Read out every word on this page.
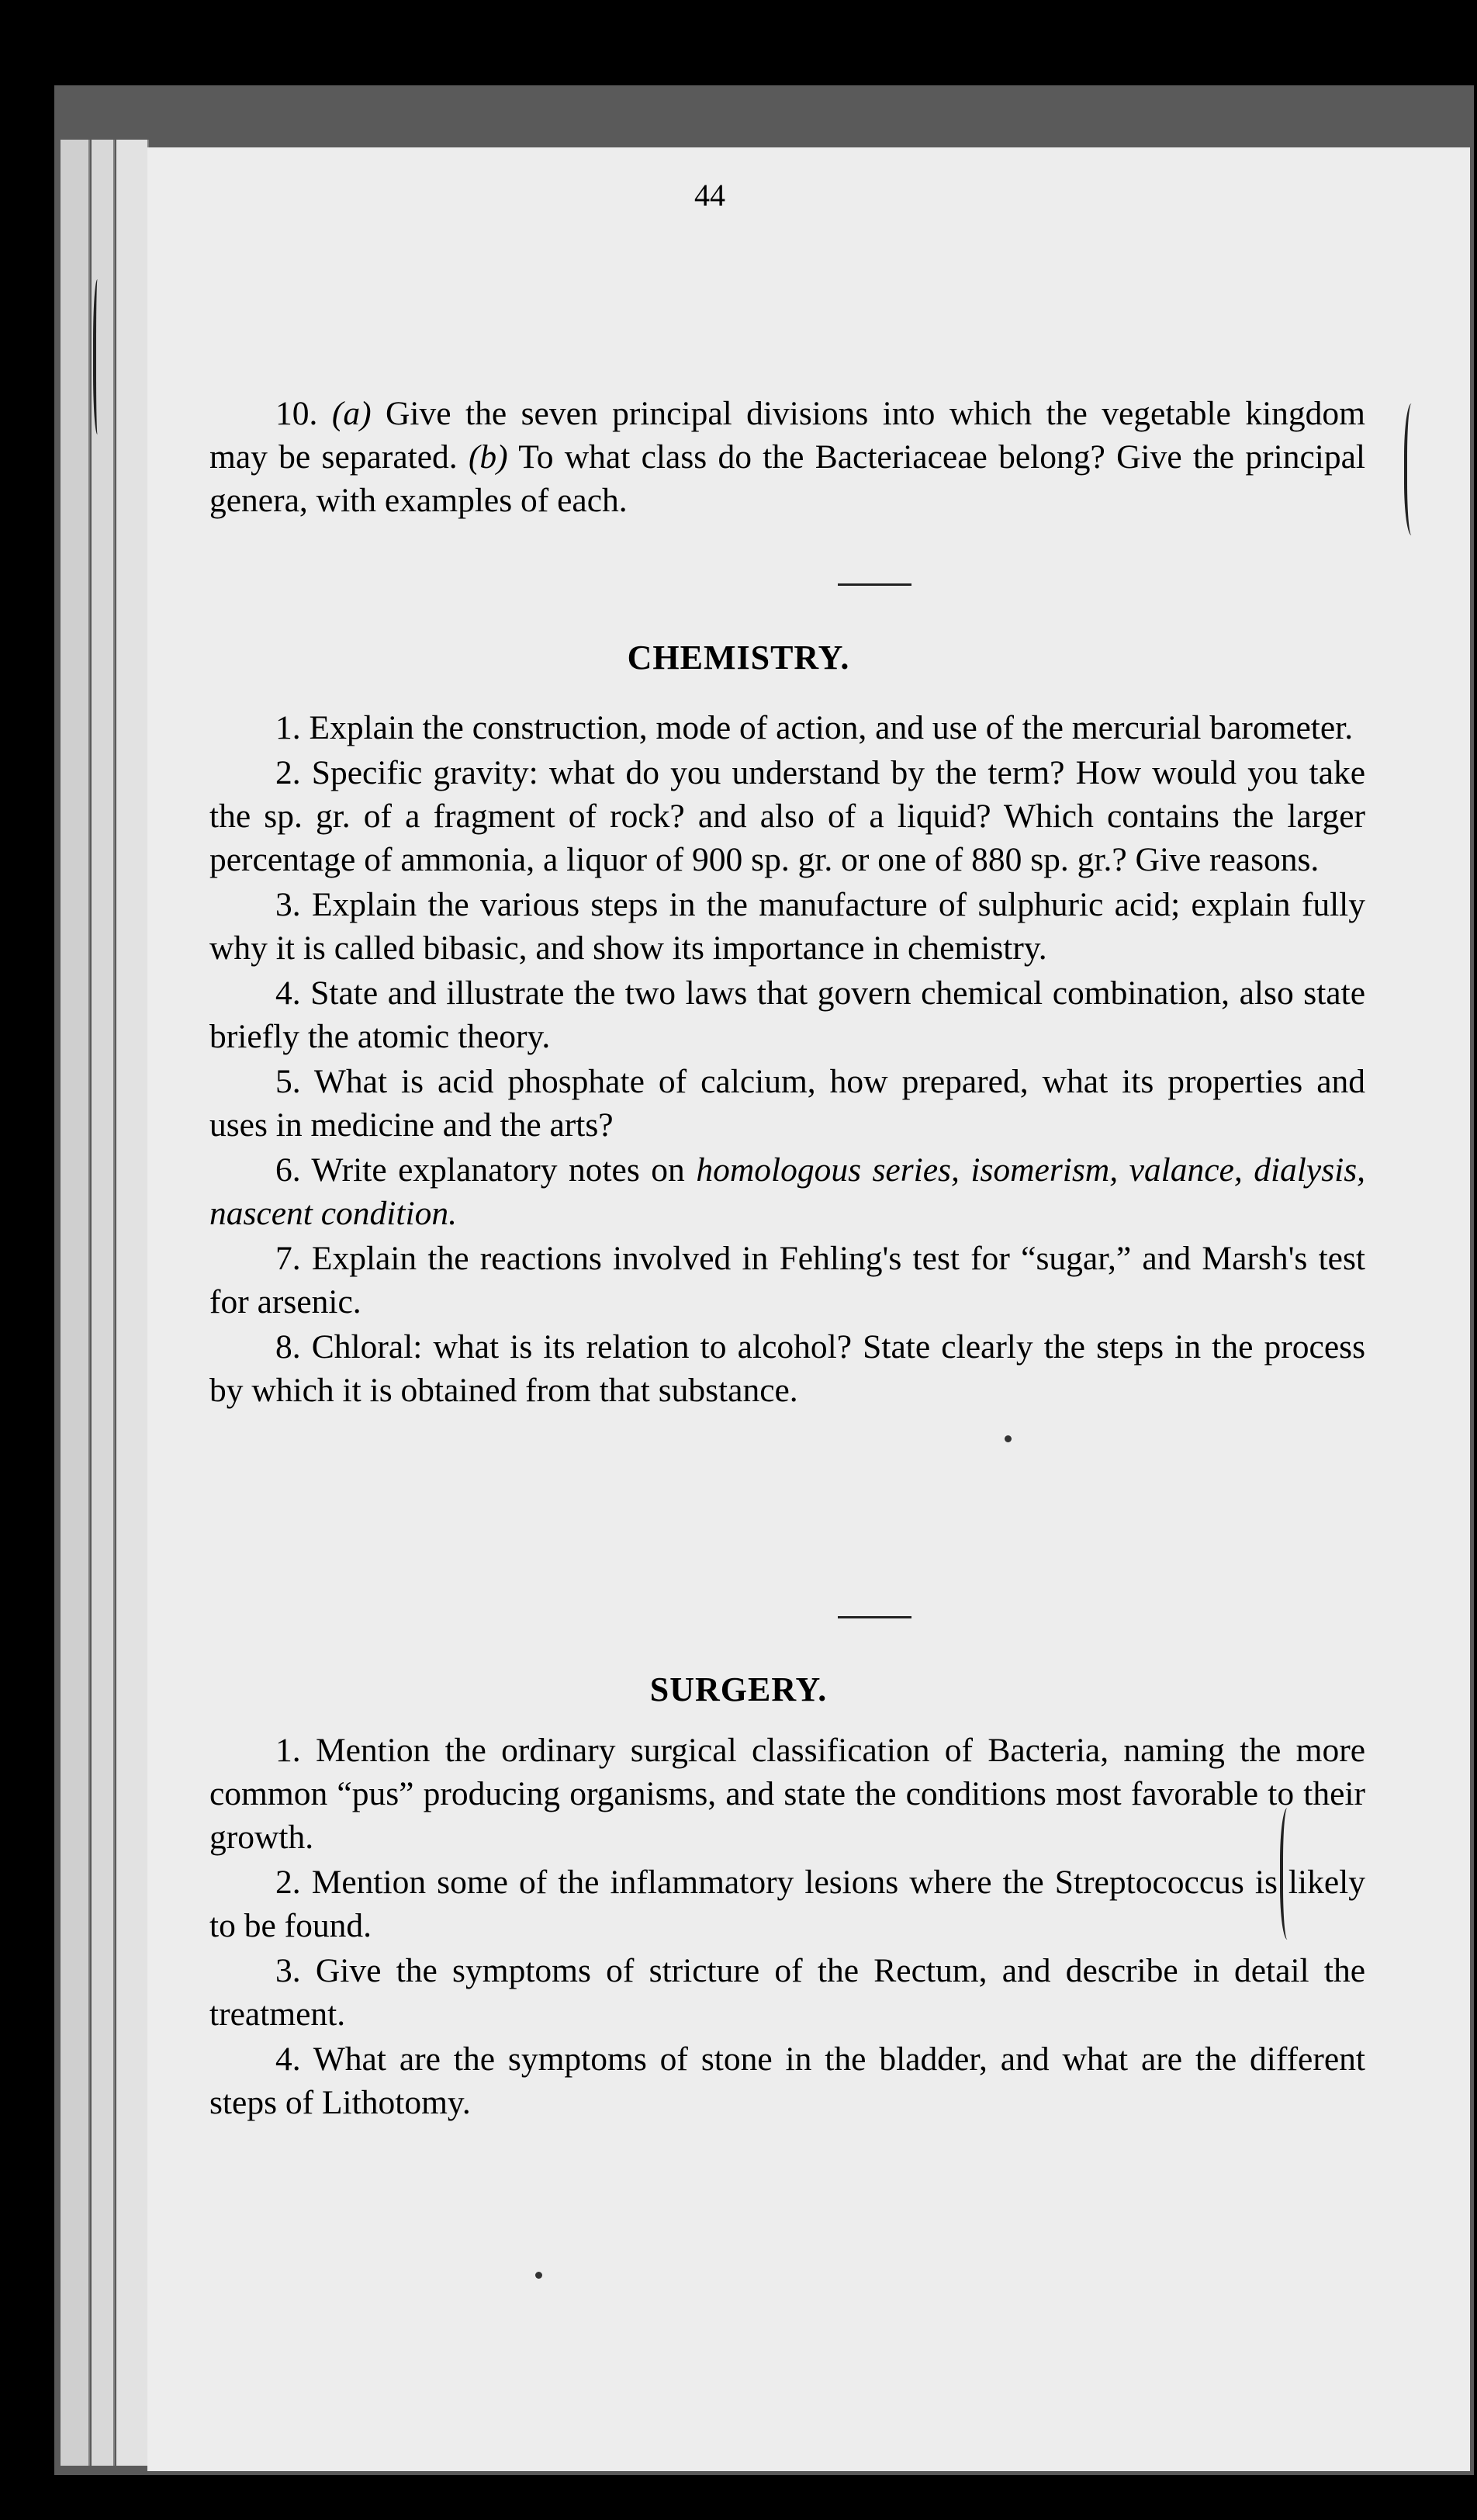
44

10. (a) Give the seven principal divisions into which the vegetable kingdom may be separated. (b) To what class do the Bacteriaceae belong? Give the principal genera, with examples of each.

CHEMISTRY.

1. Explain the construction, mode of action, and use of the mercurial barometer.

2. Specific gravity: what do you understand by the term? How would you take the sp. gr. of a fragment of rock? and also of a liquid? Which contains the larger percentage of ammonia, a liquor of 900 sp. gr. or one of 880 sp. gr.? Give reasons.

3. Explain the various steps in the manufacture of sulphuric acid; explain fully why it is called bibasic, and show its importance in chemistry.

4. State and illustrate the two laws that govern chemical combination, also state briefly the atomic theory.

5. What is acid phosphate of calcium, how prepared, what its properties and uses in medicine and the arts?

6. Write explanatory notes on homologous series, isomerism, valance, dialysis, nascent condition.

7. Explain the reactions involved in Fehling's test for “sugar,” and Marsh's test for arsenic.

8. Chloral: what is its relation to alcohol? State clearly the steps in the process by which it is obtained from that substance.

SURGERY.

1. Mention the ordinary surgical classification of Bacteria, naming the more common “pus” producing organisms, and state the conditions most favorable to their growth.

2. Mention some of the inflammatory lesions where the Streptococcus is likely to be found.

3. Give the symptoms of stricture of the Rectum, and describe in detail the treatment.

4. What are the symptoms of stone in the bladder, and what are the different steps of Lithotomy.
